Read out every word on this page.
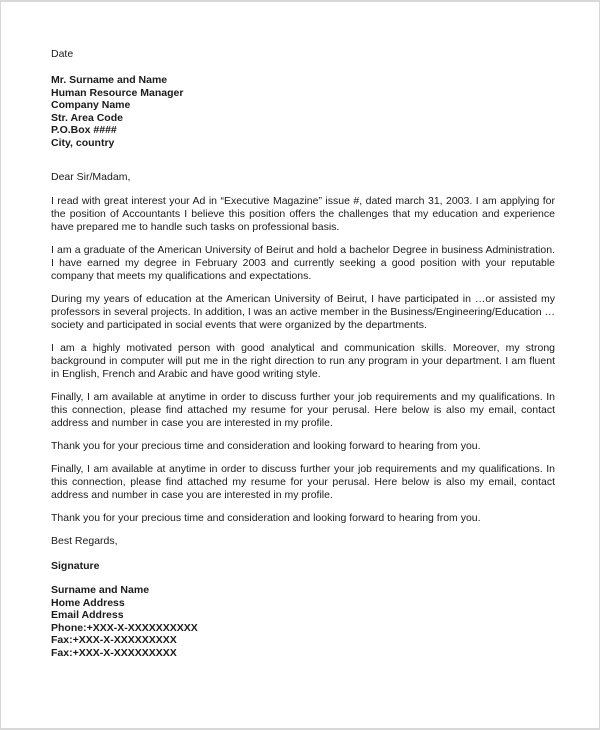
Date
Mr. Surname and Name
Human Resource Manager
Company Name
Str. Area Code
P.O.Box ####
City, country
Dear Sir/Madam,
I read with great interest your Ad in “Executive Magazine” issue #, dated march 31, 2003. I am applying for the position of Accountants I believe this position offers the challenges that my education and experience have prepared me to handle such tasks on professional basis.
I am a graduate of the American University of Beirut and hold a bachelor Degree in business Administration. I have earned my degree in February 2003 and currently seeking a good position with your reputable company that meets my qualifications and expectations.
During my years of education at the American University of Beirut, I have participated in …or assisted my professors in several projects. In addition, I was an active member in the Business/Engineering/Education … society and participated in social events that were organized by the departments.
I am a highly motivated person with good analytical and communication skills. Moreover, my strong background in computer will put me in the right direction to run any program in your department. I am fluent in English, French and Arabic and have good writing style.
Finally, I am available at anytime in order to discuss further your job requirements and my qualifications. In this connection, please find attached my resume for your perusal. Here below is also my email, contact address and number in case you are interested in my profile.
Thank you for your precious time and consideration and looking forward to hearing from you.
Finally, I am available at anytime in order to discuss further your job requirements and my qualifications. In this connection, please find attached my resume for your perusal. Here below is also my email, contact address and number in case you are interested in my profile.
Thank you for your precious time and consideration and looking forward to hearing from you.
Best Regards,
Signature
Surname and Name
Home Address
Email Address
Phone:+XXX-X-XXXXXXXXXX
Fax:+XXX-X-XXXXXXXXX
Fax:+XXX-X-XXXXXXXXX
